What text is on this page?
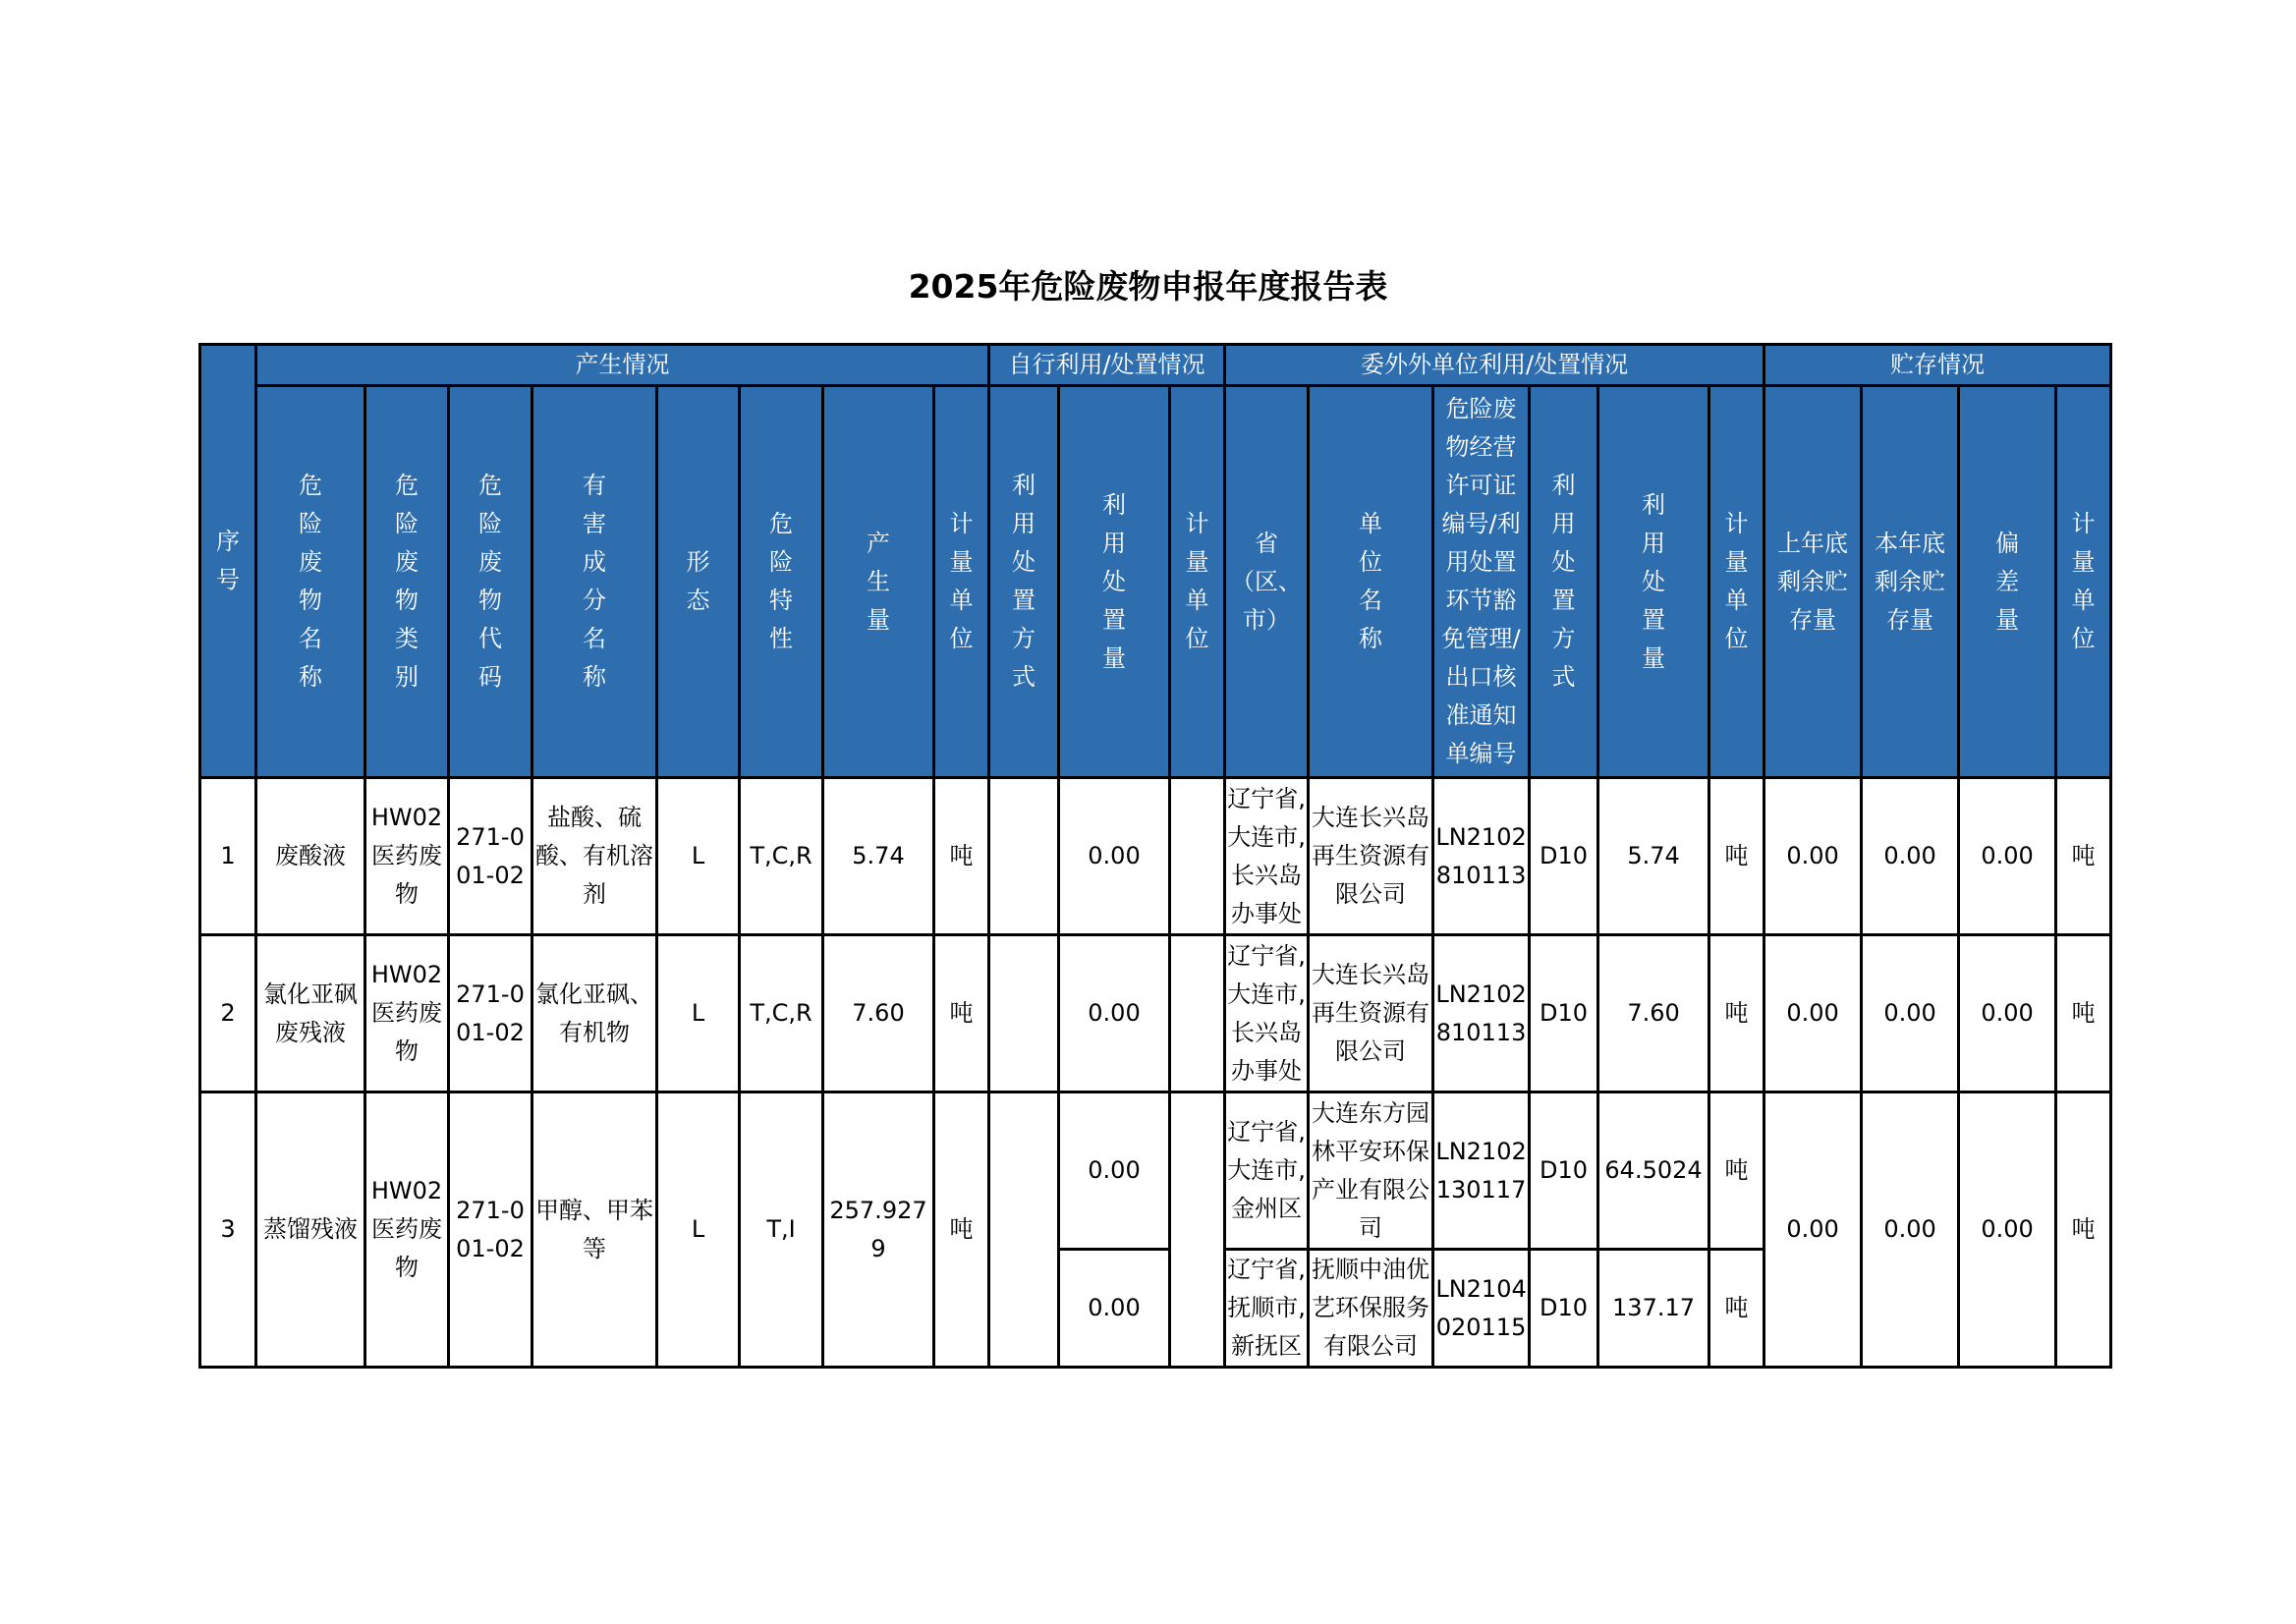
2025年危险废物申报年度报告表
序号	产生情况								自行利用/处置情况			委外外单位利用/处置情况						贮存情况			
	危险废物名称	危险废物类别	危险废物代码	有害成分名称	形态	危险特性	产生量	计量单位	利用处置方式	利用处置量	计量单位	省（区、市）	单位名称	危险废物经营许可证编号/利用处置环节豁免管理/出口核准通知单编号	利用处置方式	利用处置量	计量单位	上年底剩余贮存量	本年底剩余贮存量	偏差量	计量单位
1	废酸液	HW02医药废物	271-001-02	盐酸、硫酸、有机溶剂	L	T,C,R	5.74	吨		0.00		辽宁省,大连市,长兴岛办事处	大连长兴岛再生资源有限公司	LN2102810113	D10	5.74	吨	0.00	0.00	0.00	吨
2	氯化亚砜废残液	HW02医药废物	271-001-02	氯化亚砜、有机物	L	T,C,R	7.60	吨		0.00		辽宁省,大连市,长兴岛办事处	大连长兴岛再生资源有限公司	LN2102810113	D10	7.60	吨	0.00	0.00	0.00	吨
3	蒸馏残液	HW02医药废物	271-001-02	甲醇、甲苯等	L	T,I	257.9279	吨		0.00		辽宁省,大连市,金州区	大连东方园林平安环保产业有限公司	LN2102130117	D10	64.5024	吨	0.00	0.00	0.00	吨
										0.00		辽宁省,抚顺市,新抚区	抚顺中油优艺环保服务有限公司	LN2104020115	D10	137.17	吨				
